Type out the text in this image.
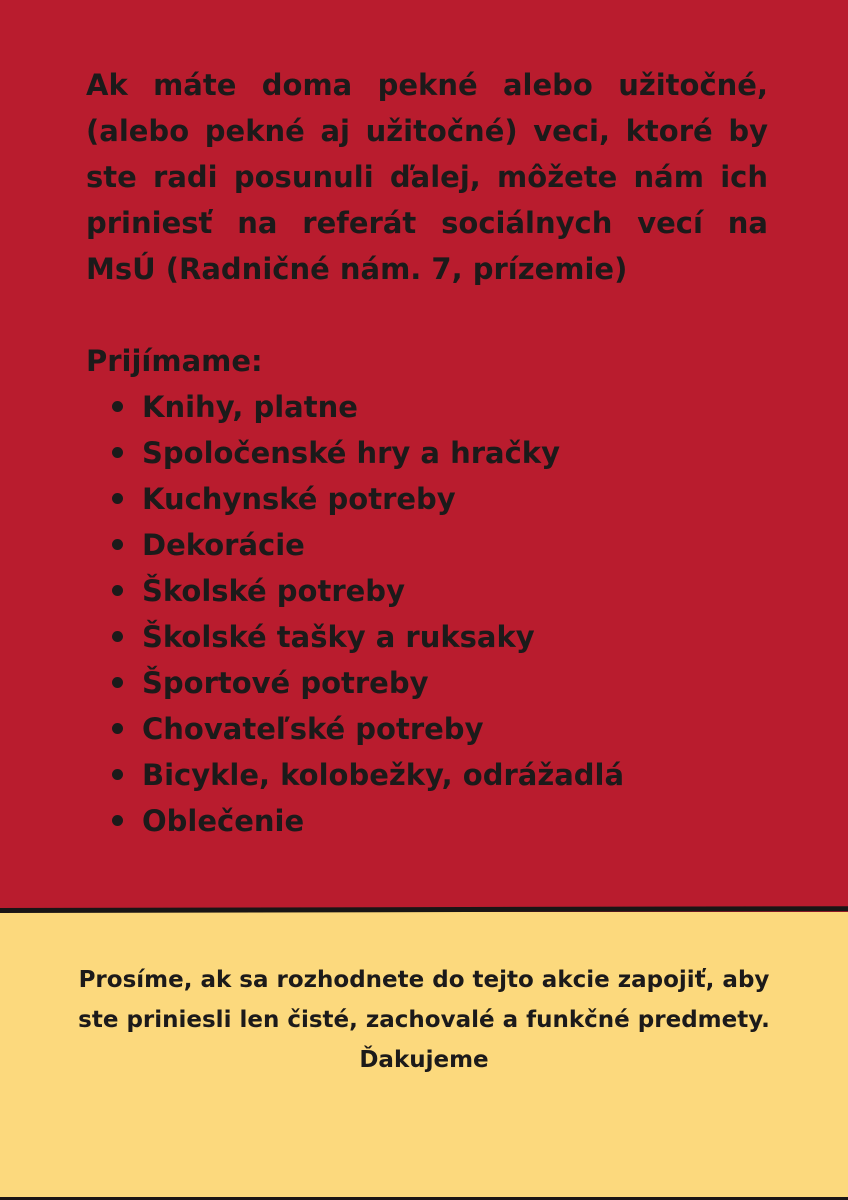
Ak máte doma pekné alebo užitočné, (alebo pekné aj užitočné) veci, ktoré by ste radi posunuli ďalej, môžete nám ich priniesť na referát sociálnych vecí na MsÚ (Radničné nám. 7, prízemie)

Prijímame:

Knihy, platne
Spoločenské hry a hračky
Kuchynské potreby
Dekorácie
Školské potreby
Školské tašky a ruksaky
Športové potreby
Chovateľské potreby
Bicykle, kolobežky, odrážadlá
Oblečenie

Prosíme, ak sa rozhodnete do tejto akcie zapojiť, aby
ste priniesli len čisté, zachovalé a funkčné predmety.
Ďakujeme
